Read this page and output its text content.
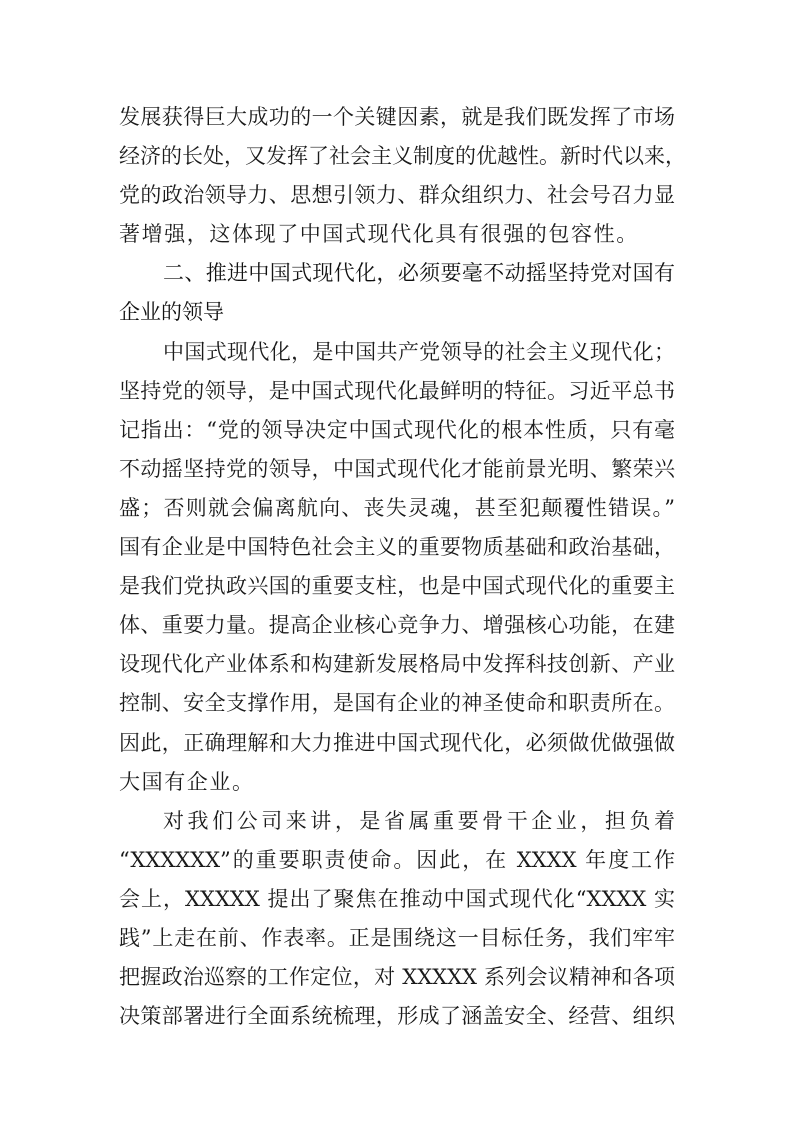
发展获得巨大成功的一个关键因素，就是我们既发挥了市场
经济的长处，又发挥了社会主义制度的优越性。新时代以来，
党的政治领导力、思想引领力、群众组织力、社会号召力显
著增强，这体现了中国式现代化具有很强的包容性。
二、推进中国式现代化，必须要毫不动摇坚持党对国有
企业的领导
中国式现代化，是中国共产党领导的社会主义现代化；
坚持党的领导，是中国式现代化最鲜明的特征。习近平总书
记指出：“党的领导决定中国式现代化的根本性质，只有毫
不动摇坚持党的领导，中国式现代化才能前景光明、繁荣兴
盛；否则就会偏离航向、丧失灵魂，甚至犯颠覆性错误。”
国有企业是中国特色社会主义的重要物质基础和政治基础，
是我们党执政兴国的重要支柱，也是中国式现代化的重要主
体、重要力量。提高企业核心竞争力、增强核心功能，在建
设现代化产业体系和构建新发展格局中发挥科技创新、产业
控制、安全支撑作用，是国有企业的神圣使命和职责所在。
因此，正确理解和大力推进中国式现代化，必须做优做强做
大国有企业。
对我们公司来讲，是省属重要骨干企业，担负着
“XXXXXX”的重要职责使命。因此，在 XXXX 年度工作
会上，XXXXX 提出了聚焦在推动中国式现代化“XXXX 实
践”上走在前、作表率。正是围绕这一目标任务，我们牢牢
把握政治巡察的工作定位，对 XXXXX 系列会议精神和各项
决策部署进行全面系统梳理，形成了涵盖安全、经营、组织
